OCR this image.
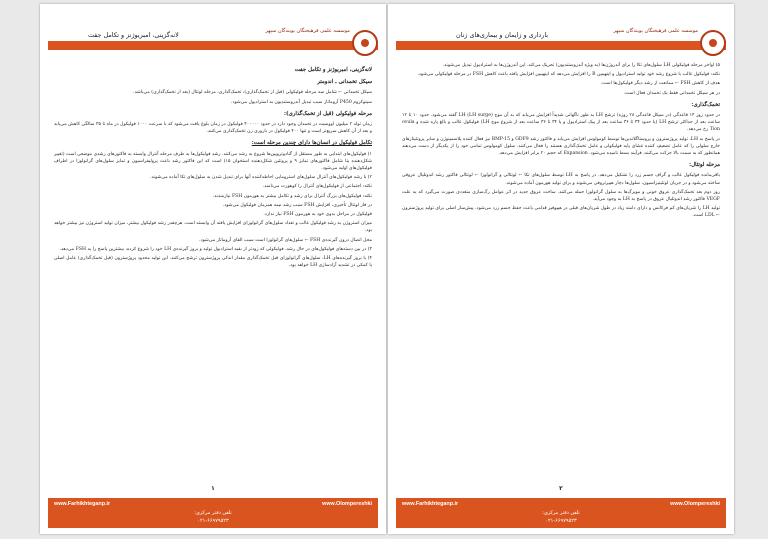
موسسه علمی فرهیختگان پویندگان سپهر
لانه‌گزینی، امبریوژنز و تکامل جفت

لانه‌گزینی، امبریوژنز و تکامل جفت

سیکل تخمدانی ـ اندومتر

سیکل تخمدانی ← شامل سه مرحله فولیکولی (قبل از تخمک‌گذاری)، تخمک‌گذاری، مرحله لوتئال (بعد از تخمک‌گذاری) می‌باشد.

سیتوکروم P450 آروماتاز سبب تبدیل آندروستندیون به استرادیول می‌شود.

مرحله فولیکولی (قبل از تخمک‌گذاری):

زمان تولد ۲ میلیون اووسیت در تخمدان وجود دارد در حدود ۴۰۰۰۰۰ فولیکول در زمان بلوغ یافت می‌شود که با سرعت ۱۰۰۰ فولیکول در ماه تا ۳۵ سالگی کاهش می‌یابد و بعد از آن کاهش سریع‌تر است و تنها ۴۰۰ فولیکول در باروری زن تخمک‌گذاری می‌کنند.

تکامل فولیکول در انسان‌ها دارای چندین مرحله است:

۱) فولیکول‌های ابتدایی به طور مستقل از گنادوتروپین‌ها شروع به رشد می‌کنند. رشد فولیکول‌ها به طرف مرحله آنترال وابسته به فاکتورهای رشدی موضعی است (تغییر شکل‌دهنده بتا شامل فاکتورهای تمایز ۹ و پروتئین شکل‌دهنده استخوان ۱۵) است که این فاکتور رشد باعث پرولیفراسیون و تمایز سلول‌های گرانولوزا در اطراف فولیکول‌های اولیه می‌شود.

۲) با رشد فولیکول‌های آنترال سلول‌های استرومایی احاطه‌کننده آنها برای تبدیل شدن به سلول‌های تکا آماده می‌شوند.

نکته: اجتماعی از فولیکول‌های آنترال را کوهورت می‌نامند.

نکته: فولیکول‌های بزرگ آنترال برای رشد و تکامل بیشتر به هورمون FSH نیازمندند.

در فاز لوتئال تأخیری، افزایش FSH سبب رشد نیمه همزمان فولیکول می‌شود.

فولیکول در مراحل بدوی خود به هورمون FSH نیاز ندارد.

میزان استروژن به رشد فولیکول غالب و تعداد سلول‌های گرانولوزای افزایش یافته آن وابسته است. هرچقدر رشد فولیکول بیشتر، میزان تولید استروژن نیز بیشتر خواهد بود.

محل اتصال درون گیرنده‌ی FSH ← سلول‌های گرانولوزا است سبب القای آروماتاز می‌شود.

۳) در بین دسته‌های فولیکول‌های در حال رشد، فولیکولی که زودتر از بقیه استرادیول تولید و بروز گیرنده‌ی LH خود را شروع کرده، بیشترین پاسخ را به FSH می‌دهد.

۴) با بروز گیرنده‌های LH، سلول‌های گرانولوزای قبل تخمک‌گذاری مقدار اندکی پروژسترون ترشح می‌کنند. این تولید محدود پروژسترون (قبل تخمک‌گذاری) عامل اصلی یا کمکی در تشدید آزادسازی LH خواهد بود.

۱
www.Farhikhteganp.ir	www.Olompereshki
تلفن دفتر مرکزی:
۰۲۱-۶۶۹۷۹۵۲۳
موسسه علمی فرهیختگان پویندگان سپهر
بارداری و زایمان و بیماری‌های زنان

۵) اواخر مرحله فولیکولی LH سلول‌های تکا را برای آندروژن‌ها (به ویژه آندروستندیون) تحریک می‌کند. این آندروژن‌ها به استرادیول تبدیل می‌شوند.

نکته: فولیکول غالب با شروع رشد خود تولید استرادیول و اینهیبین B را افزایش می‌دهد که اینهیبین افزایش یافته باعث کاهش FSH در مرحله فولیکولی می‌شود.

هدف از کاهش FSH ← ممانعت از رشد دیگر فولیکول‌ها است.

در هر سیکل تخمدانی فقط یک تخمدان فعال است.

تخمک‌گذاری:

در حدود روز ۱۴ قاعدگی (در سیکل قاعدگی ۲۸ روزه) ترشح LH به طور ناگهانی شدیداً افزایش می‌یابد که به آن موج LH (LH surge) گفته می‌شود. حدود ۱۰ تا ۱۲ ساعت بعد از حداکثر ترشح LH (یا حدود ۳۴ تا ۳۶ ساعت بعد از پیک استرادیول و یا ۳۴ تا ۳۶ ساعت بعد از شروع موج LH) فولیکول غالب و بالغ پاره شده و ovula Tion رخ می‌دهد.

در پاسخ به LH، تولید پروژسترون و پروستاگلاندین‌ها توسط کومولوس افزایش می‌یابد و فاکتور رشد GDF9 و BMP-15 نیز فعال کننده پلاسمینوژن و سایر پروتئینازهای خارج سلولی را که عامل تضعیف کننده غشای پایه فولیکولی و عامل تخمک‌گذاری هستند را فعال می‌کنند. سلول کومولوس تمامی خود را از یکدیگر از دست می‌دهند همانطور که به سمت بالا حرکت می‌کنند، فرآیند بسط نامیده می‌شود. Expansion که حجم ۲۰ برابر افزایش می‌دهد.

مرحله لوتئال:

باقی‌مانده فولیکول غالب و گراف جسم زرد را تشکیل می‌دهد. در پاسخ به LH توسط سلول‌های تکا ← لوتئالی و گرانولوزا ← لوتئالی فاکتور رشد اندوتلیال عروقی ساخته می‌شود و در جریان لوتئینیزاسیون، سلول‌ها دچار هیپرتروفی می‌شوند و برای تولید هورمون آماده می‌شوند.

روز دوم بعد تخمک‌گذاری عروق خونی و مویرگ‌ها به سلول گرانولوزا حمله می‌کنند. ساخت عروق جدید در اثر عوامل رگ‌سازی متعددی صورت می‌گیرد که به علت VEGF فاکتور رشد اندوتلیال عروق در پاسخ به LH به وجود می‌آید.

تولید LH را شریان‌های کم فرکانس و دارای دامنه زیاد در طول شریان‌های قبلی در هیپوفیز قدامی باعث حفظ جسم زرد می‌شود. پیش‌ساز اصلی برای تولید پروژسترون ← LDL است.

۲
www.Farhikhteganp.ir	www.Olompereshki
تلفن دفتر مرکزی:
۰۲۱-۶۶۹۷۹۵۲۳
